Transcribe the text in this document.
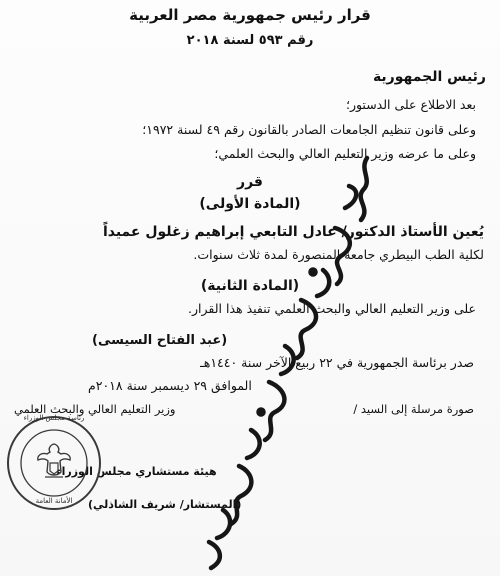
قرار رئيس جمهورية مصر العربية
رقم ٥٩٣ لسنة ٢٠١٨
رئيس الجمهورية
بعد الاطلاع على الدستور؛
وعلى قانون تنظيم الجامعات الصادر بالقانون رقم ٤٩ لسنة ١٩٧٢؛
وعلى ما عرضه وزير التعليم العالي والبحث العلمي؛
قرر
(المادة الأولى)
يُعين الأستاذ الدكتور/ عادل التابعي إبراهيم زغلول عميداً
لكلية الطب البيطري جامعة المنصورة لمدة ثلاث سنوات.
(المادة الثانية)
على وزير التعليم العالي والبحث العلمي تنفيذ هذا القرار.
(عبد الفتاح السيسى)
صدر برئاسة الجمهورية في ٢٢ ربيع الآخر سنة ١٤٤٠هـ
الموافق ٢٩ ديسمبر سنة ٢٠١٨م
صورة مرسلة إلى السيد /
وزير التعليم العالي والبحث العلمي
هيئة مستشاري مجلس الوزراء
(المستشار/ شريف الشاذلي)
رئاسة مجلس الوزراء
الأمانة العامة
